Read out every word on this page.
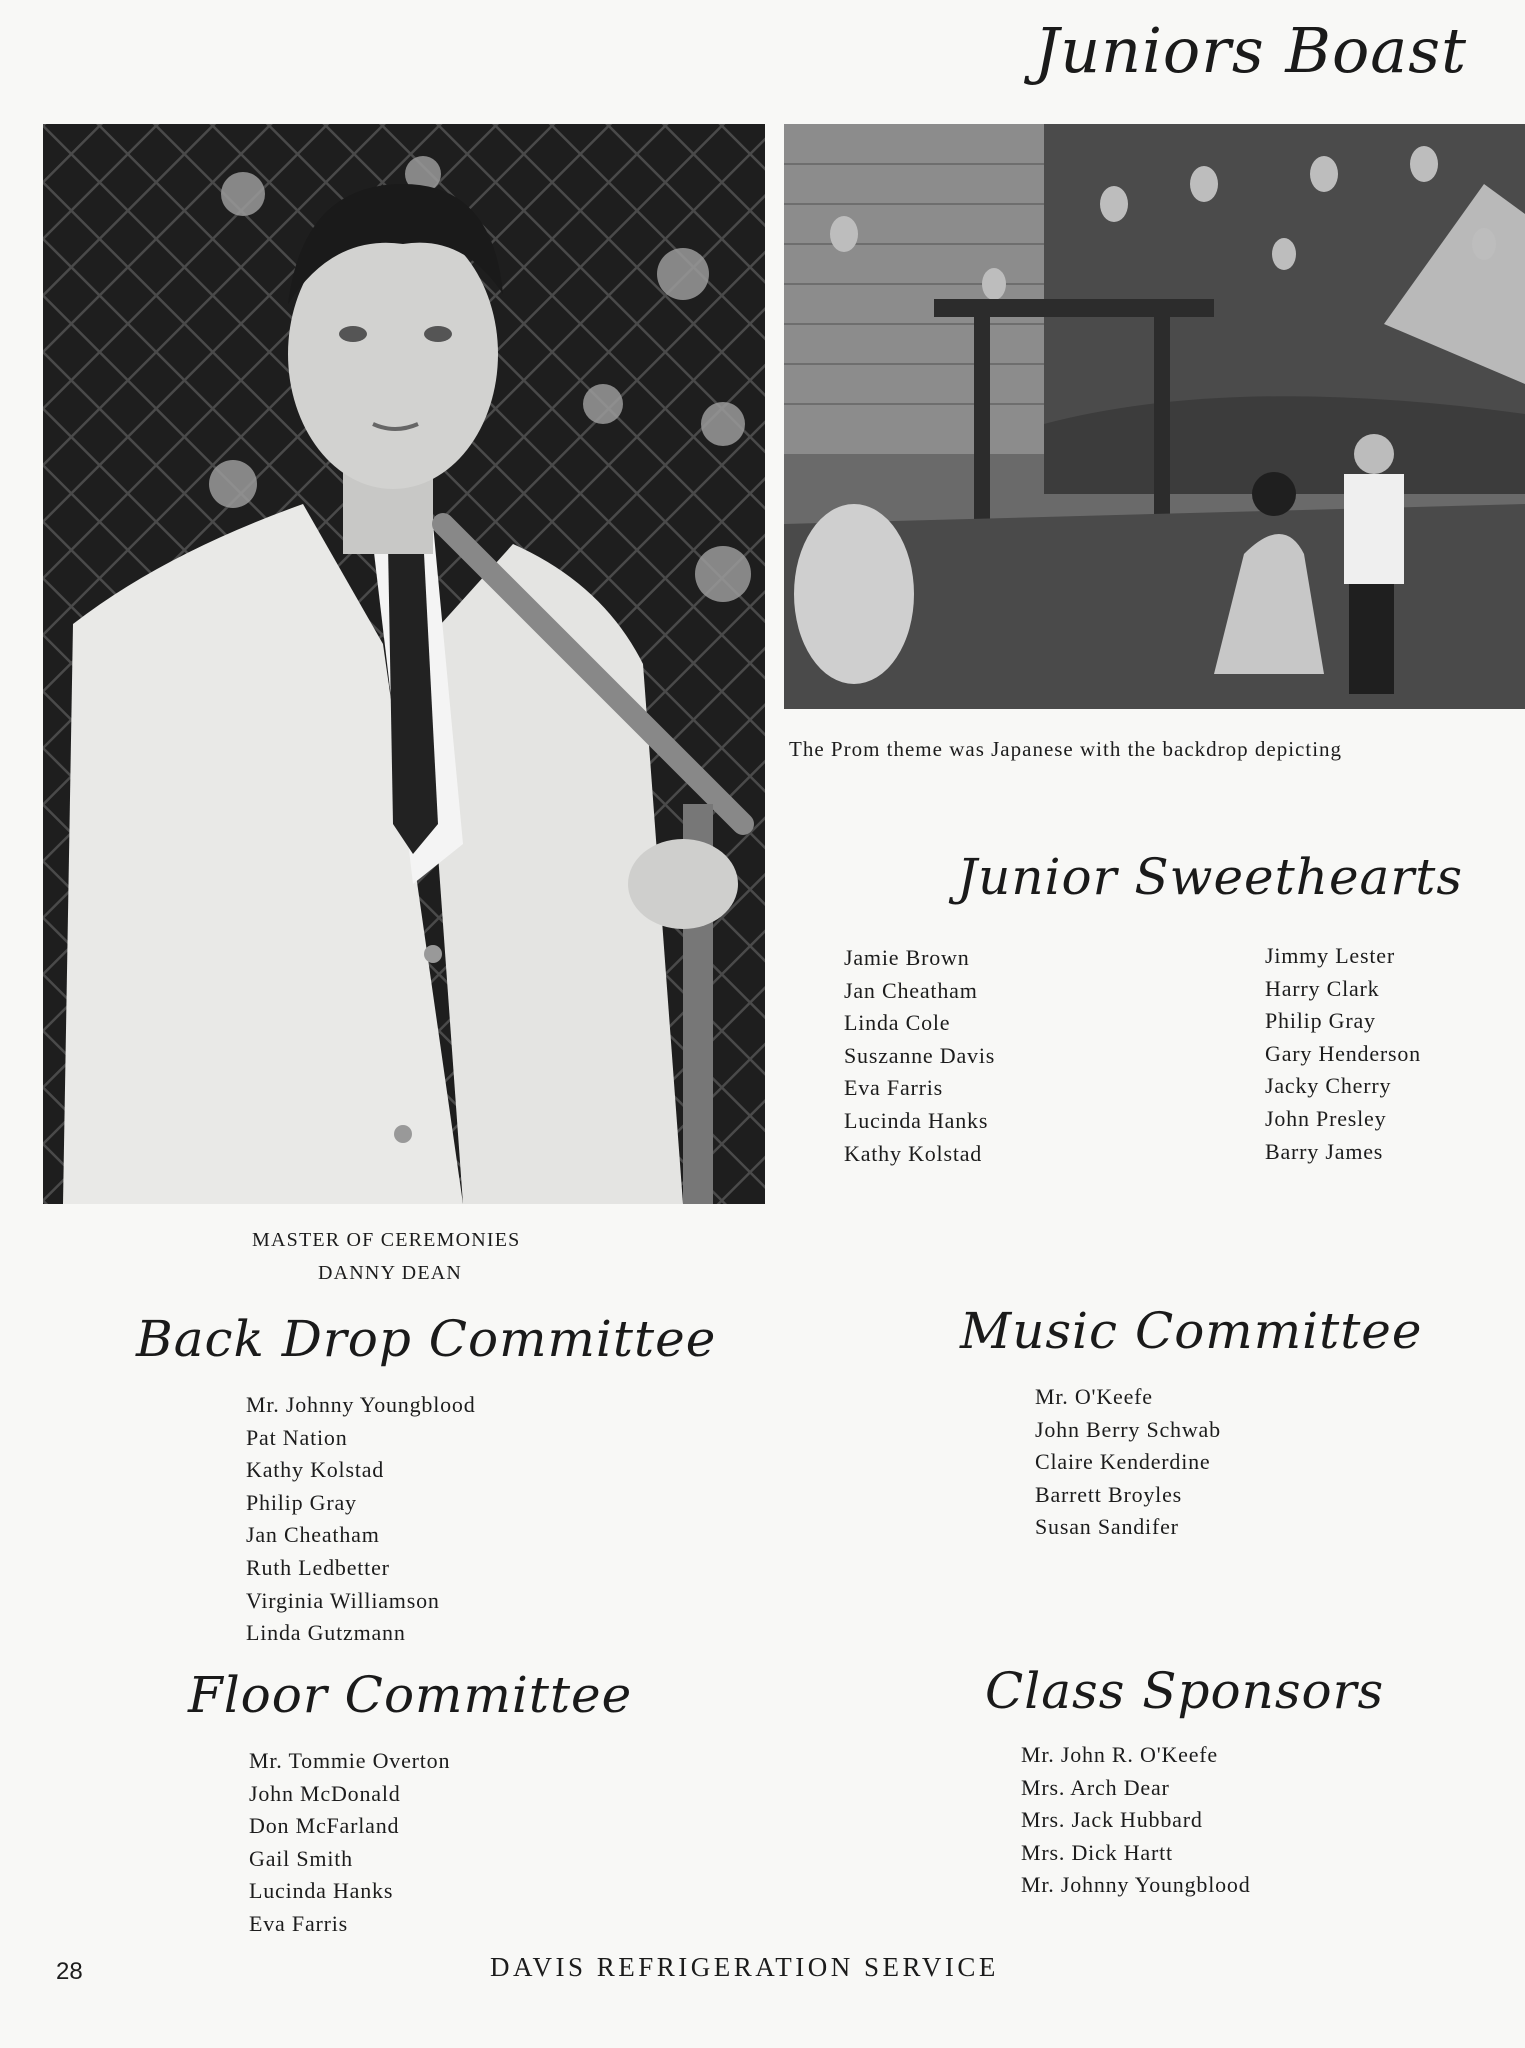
Juniors Boast
MASTER OF CEREMONIES
DANNY DEAN
The Prom theme was Japanese with the backdrop depicting
Junior Sweethearts
Jamie Brown
Jan Cheatham
Linda Cole
Suszanne Davis
Eva Farris
Lucinda Hanks
Kathy Kolstad
Jimmy Lester
Harry Clark
Philip Gray
Gary Henderson
Jacky Cherry
John Presley
Barry James
Back Drop Committee
Mr. Johnny Youngblood
Pat Nation
Kathy Kolstad
Philip Gray
Jan Cheatham
Ruth Ledbetter
Virginia Williamson
Linda Gutzmann
Music Committee
Mr. O'Keefe
John Berry Schwab
Claire Kenderdine
Barrett Broyles
Susan Sandifer
Floor Committee
Mr. Tommie Overton
John McDonald
Don McFarland
Gail Smith
Lucinda Hanks
Eva Farris
Class Sponsors
Mr. John R. O'Keefe
Mrs. Arch Dear
Mrs. Jack Hubbard
Mrs. Dick Hartt
Mr. Johnny Youngblood
28	DAVIS REFRIGERATION SERVICE
